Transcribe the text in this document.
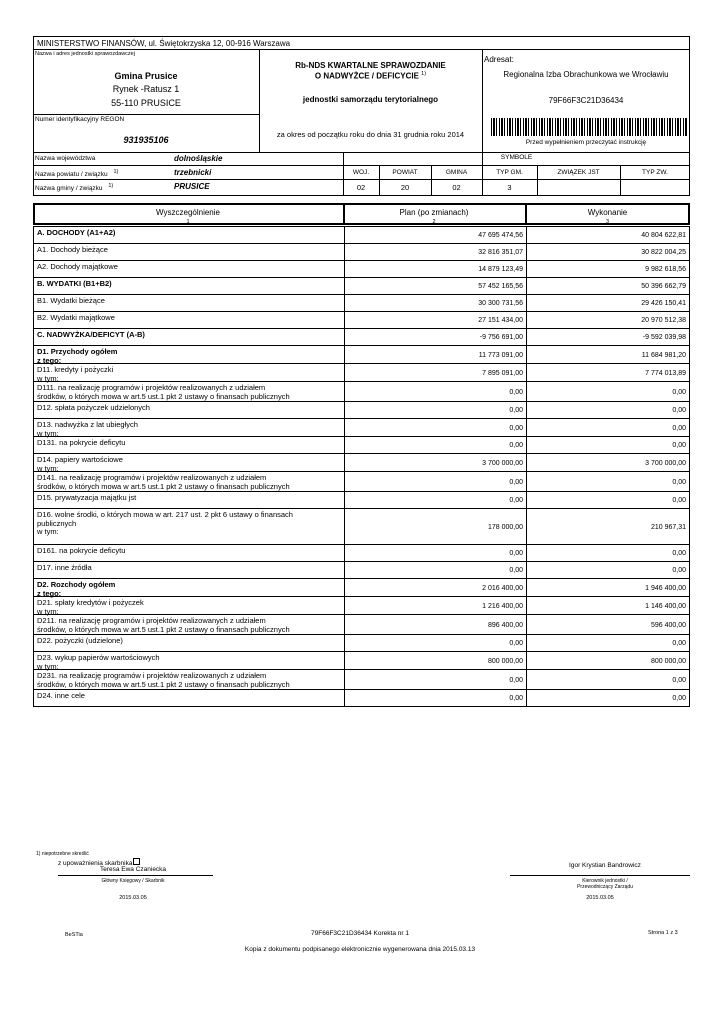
MINISTERSTWO FINANSÓW, ul. Świętokrzyska 12, 00-916 Warszawa
Nazwa i adres jednostki sprawozdawczej
Gmina Prusice
Rynek -Ratusz 1
55-110 PRUSICE
Numer identyfikacyjny REGON
931935106
Rb-NDS KWARTALNE SPRAWOZDANIE
O NADWYŻCE / DEFICYCIE $^{1)}$
jednostki samorządu terytorialnego
za okres od początku roku do dnia 31 grudnia roku 2014
Adresat:
Regionalna Izba Obrachunkowa we Wrocławiu
79F66F3C21D36434
Przed wypełnieniem przeczytać instrukcję
Nazwa województwa	dolnośląskie
Nazwa powiatu / związku $^{1)}$	trzebnicki
Nazwa gminy / związku $^{1)}$	PRUSICE
SYMBOLE
WOJ.	POWIAT	GMINA	TYP GM.	ZWIĄZEK JST	TYP ZW.
02	20	02	3
Wyszczególnienie	Plan (po zmianach)	Wykonanie
1	2	3
A. DOCHODY (A1+A2)	47 695 474,56	40 804 622,81
A1. Dochody bieżące	32 816 351,07	30 822 004,25
A2. Dochody majątkowe	14 879 123,49	9 982 618,56
B. WYDATKI (B1+B2)	57 452 165,56	50 396 662,79
B1. Wydatki bieżące	30 300 731,56	29 426 150,41
B2. Wydatki majątkowe	27 151 434,00	20 970 512,38
C. NADWYŻKA/DEFICYT (A-B)	-9 756 691,00	-9 592 039,98
D1. Przychody ogółem
z tego:	11 773 091,00	11 684 981,20
D11. kredyty i pożyczki
w tym:	7 895 091,00	7 774 013,89
D111. na realizację programów i projektów realizowanych z udziałem
środków, o których mowa w art.5 ust.1 pkt 2 ustawy o finansach publicznych	0,00	0,00
D12. spłata pożyczek udzielonych	0,00	0,00
D13. nadwyżka z lat ubiegłych
w tym:	0,00	0,00
D131. na pokrycie deficytu	0,00	0,00
D14. papiery wartościowe
w tym:	3 700 000,00	3 700 000,00
D141. na realizację programów i projektów realizowanych z udziałem
środków, o których mowa w art.5 ust.1 pkt 2 ustawy o finansach publicznych	0,00	0,00
D15. prywatyzacja majątku jst	0,00	0,00
D16. wolne środki, o których mowa w art. 217 ust. 2 pkt 6 ustawy o finansach
publicznych
w tym:	178 000,00	210 967,31
D161. na pokrycie deficytu	0,00	0,00
D17. inne źródła	0,00	0,00
D2. Rozchody ogółem
z tego:	2 016 400,00	1 946 400,00
D21. spłaty kredytów i pożyczek
w tym:	1 216 400,00	1 146 400,00
D211. na realizację programów i projektów realizowanych z udziałem
środków, o których mowa w art.5 ust.1 pkt 2 ustawy o finansach publicznych	896 400,00	596 400,00
D22. pożyczki (udzielone)	0,00	0,00
D23. wykup papierów wartościowych
w tym:	800 000,00	800 000,00
D231. na realizację programów i projektów realizowanych z udziałem
środków, o których mowa w art.5 ust.1 pkt 2 ustawy o finansach publicznych	0,00	0,00
D24. inne cele	0,00	0,00
1) niepotrzebne skreślić
z upoważnienia skarbnika
Teresa Ewa Czaniecka
Główny Księgowy / Skarbnik
2015.03.05
Igor Krystian Bandrowicz
Kierownik jednostki /
Przewodniczący Zarządu
2015.03.05
BeSTia	79F66F3C21D36434 Korekta nr 1	Strona 1 z 3
Kopia z dokumentu podpisanego elektronicznie wygenerowana dnia 2015.03.13
